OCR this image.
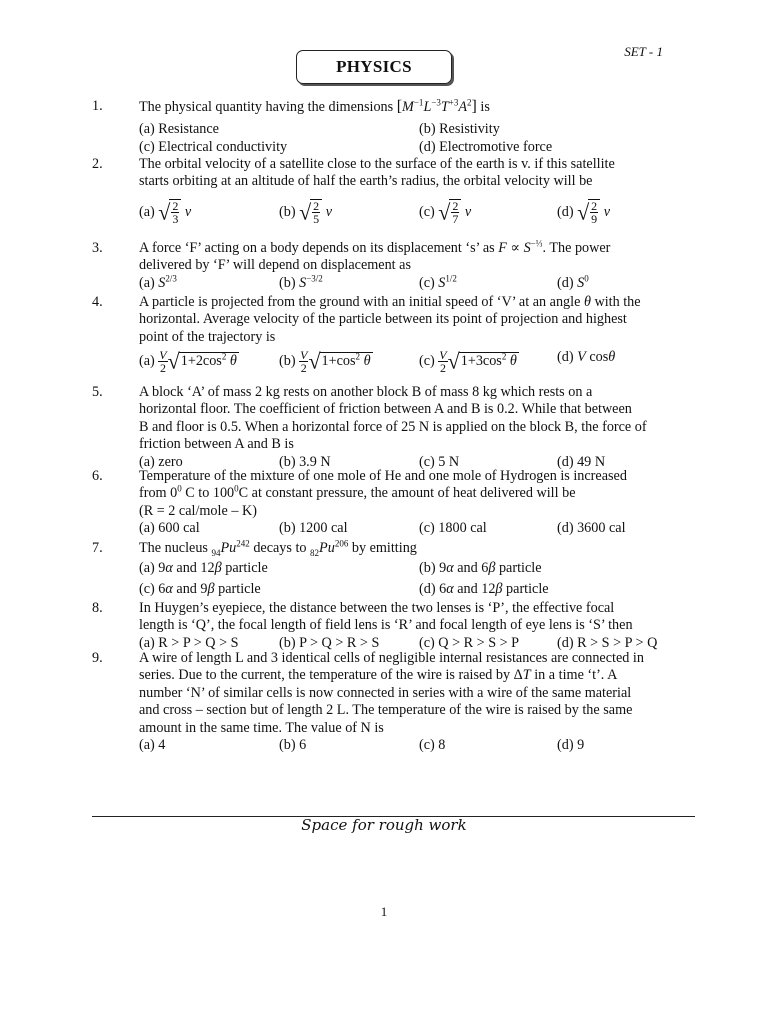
SET - 1
PHYSICS
1.	The physical quantity having the dimensions $[M^{-1}L^{-3}T^{+3}A^2]$ is
(a) Resistance	(b) Resistivity
(c) Electrical conductivity	(d) Electromotive force
2.	The orbital velocity of a satellite close to the surface of the earth is v. if this satellite
starts orbiting at an altitude of half the earth’s radius, the orbital velocity will be
(a) √ $\frac{2}{3}$ v	(b) √ $\frac{2}{5}$ v	(c) √ $\frac{2}{7}$ v	(d) √ $\frac{2}{9}$ v
3.	A force ‘F’ acting on a body depends on its displacement ‘s’ as $F \propto S^{-\frac{1}{3}}$. The power
delivered by ‘F’ will depend on displacement as
(a) $S^{2/3}$	(b) $S^{-3/2}$	(c) $S^{1/2}$	(d) $S^0$
4.	A particle is projected from the ground with an initial speed of ‘V’ at an angle θ with the
horizontal. Average velocity of the particle between its point of projection and highest
point of the trajectory is
$(a) \frac{V}{2} √1+2\cos^2$ θ	$(b) \frac{V}{2} √1+\cos^2$ θ	$(c) \frac{V}{2} √1+3\cos^2$ θ	(d) V cosθ
5.	A block ‘A’ of mass 2 kg rests on another block B of mass 8 kg which rests on a
horizontal floor. The coefficient of friction between A and B is 0.2. While that between
B and floor is 0.5. When a horizontal force of 25 N is applied on the block B, the force of
friction between A and B is
(a) zero	(b) 3.9 N	(c) 5 N	(d) 49 N
6.	Temperature of the mixture of one mole of He and one mole of Hydrogen is increased
from $0^0$ C to $100^0C$ at constant pressure, the amount of heat delivered will be
(R = 2 cal/mole – K)
(a) 600 cal	(b) 1200 cal	(c) 1800 cal	(d) 3600 cal
7.	The nucleus $_{94}Pu^{242}$ decays to $_{82}Pu^{206}$ by emitting
(a) 9α and 12β particle	(b) 9α and 6β particle
(c) 6α and 9β particle	(d) 6α and 12β particle
8.	In Huygen’s eyepiece, the distance between the two lenses is ‘P’, the effective focal
length is ‘Q’, the focal length of field lens is ‘R’ and focal length of eye lens is ‘S’ then
(a) R > P > Q > S	(b) P > Q > R > S	(c) Q > R > S > P	(d) R > S > P > Q
9.	A wire of length L and 3 identical cells of negligible internal resistances are connected in
series. Due to the current, the temperature of the wire is raised by ΔT in a time ‘t’. A
number ‘N’ of similar cells is now connected in series with a wire of the same material
and cross – section but of length 2 L. The temperature of the wire is raised by the same
amount in the same time. The value of N is
(a) 4	(b) 6	(c) 8	(d) 9
Space for rough work
1
